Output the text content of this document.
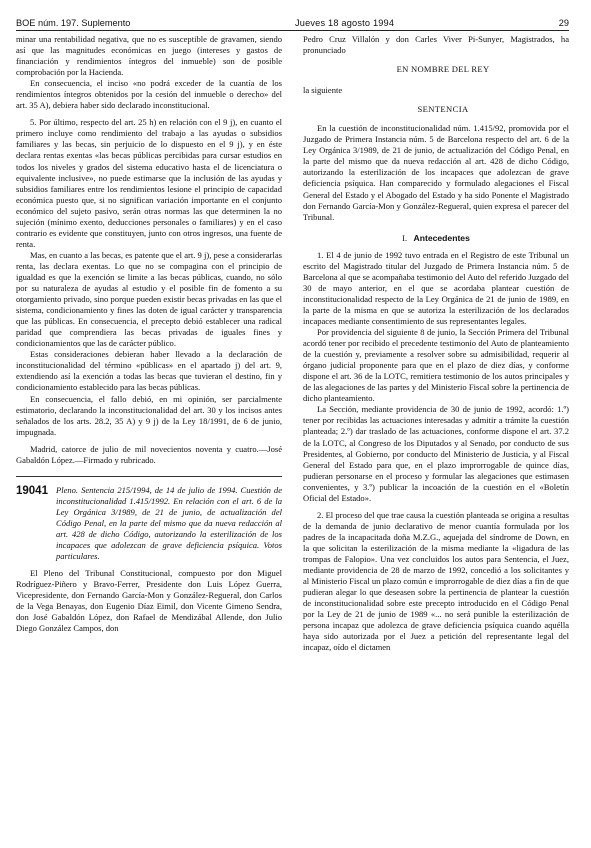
BOE núm. 197. Suplemento	Jueves 18 agosto 1994	29

minar una rentabilidad negativa, que no es susceptible de gravamen, siendo así que las magnitudes económicas en juego (intereses y gastos de financiación y rendimientos íntegros del inmueble) son de posible comprobación por la Hacienda.

En consecuencia, el inciso «no podrá exceder de la cuantía de los rendimientos íntegros obtenidos por la cesión del inmueble o derecho» del art. 35 A), debiera haber sido declarado inconstitucional.

5. Por último, respecto del art. 25 h) en relación con el 9 j), en cuanto el primero incluye como rendimiento del trabajo a las ayudas o subsidios familiares y las becas, sin perjuicio de lo dispuesto en el 9 j), y en éste declara rentas exentas «las becas públicas percibidas para cursar estudios en todos los niveles y grados del sistema educativo hasta el de licenciatura o equivalente inclusive», no puede estimarse que la inclusión de las ayudas y subsidios familiares entre los rendimientos lesione el principio de capacidad económica puesto que, si no significan variación importante en el conjunto económico del sujeto pasivo, serán otras normas las que determinen la no sujeción (mínimo exento, deducciones personales o familiares) y en el caso contrario es evidente que constituyen, junto con otros ingresos, una fuente de renta.

Mas, en cuanto a las becas, es patente que el art. 9 j), pese a considerarlas renta, las declara exentas. Lo que no se compagina con el principio de igualdad es que la exención se limite a las becas públicas, cuando, no sólo por su naturaleza de ayudas al estudio y el posible fin de fomento a su otorgamiento privado, sino porque pueden existir becas privadas en las que el sistema, condicionamiento y fines las doten de igual carácter y transparencia que las públicas. En consecuencia, el precepto debió establecer una radical paridad que comprendiera las becas privadas de iguales fines y condicionamientos que las de carácter público.

Estas consideraciones debieran haber llevado a la declaración de inconstitucionalidad del término «públicas» en el apartado j) del art. 9, extendiendo así la exención a todas las becas que tuvieran el destino, fin y condicionamiento establecido para las becas públicas.

En consecuencia, el fallo debió, en mi opinión, ser parcialmente estimatorio, declarando la inconstitucionalidad del art. 30 y los incisos antes señalados de los arts. 28.2, 35 A) y 9 j) de la Ley 18/1991, de 6 de junio, impugnada.

Madrid, catorce de julio de mil novecientos noventa y cuatro.—José Gabaldón López.—Firmado y rubricado.

19041 Pleno. Sentencia 215/1994, de 14 de julio de 1994. Cuestión de inconstitucionalidad 1.415/1992. En relación con el art. 6 de la Ley Orgánica 3/1989, de 21 de junio, de actualización del Código Penal, en la parte del mismo que da nueva redacción al art. 428 de dicho Código, autorizando la esterilización de los incapaces que adolezcan de grave deficiencia psíquica. Votos particulares.

El Pleno del Tribunal Constitucional, compuesto por don Miguel Rodríguez-Piñero y Bravo-Ferrer, Presidente don Luis López Guerra, Vicepresidente, don Fernando García-Mon y González-Regueral, don Carlos de la Vega Benayas, don Eugenio Díaz Eimil, don Vicente Gimeno Sendra, don José Gabaldón López, don Rafael de Mendizábal Allende, don Julio Diego González Campos, don

Pedro Cruz Villalón y don Carles Viver Pi-Sunyer, Magistrados, ha pronunciado

EN NOMBRE DEL REY

la siguiente

SENTENCIA

En la cuestión de inconstitucionalidad núm. 1.415/92, promovida por el Juzgado de Primera Instancia núm. 5 de Barcelona respecto del art. 6 de la Ley Orgánica 3/1989, de 21 de junio, de actualización del Código Penal, en la parte del mismo que da nueva redacción al art. 428 de dicho Código, autorizando la esterilización de los incapaces que adolezcan de grave deficiencia psíquica. Han comparecido y formulado alegaciones el Fiscal General del Estado y el Abogado del Estado y ha sido Ponente el Magistrado don Fernando García-Mon y González-Regueral, quien expresa el parecer del Tribunal.

I. Antecedentes

1. El 4 de junio de 1992 tuvo entrada en el Registro de este Tribunal un escrito del Magistrado titular del Juzgado de Primera Instancia núm. 5 de Barcelona al que se acompañaba testimonio del Auto del referido Juzgado del 30 de mayo anterior, en el que se acordaba plantear cuestión de inconstitucionalidad respecto de la Ley Orgánica de 21 de junio de 1989, en la parte de la misma en que se autoriza la esterilización de los declarados incapaces mediante consentimiento de sus representantes legales.

Por providencia del siguiente 8 de junio, la Sección Primera del Tribunal acordó tener por recibido el precedente testimonio del Auto de planteamiento de la cuestión y, previamente a resolver sobre su admisibilidad, requerir al órgano judicial proponente para que en el plazo de diez días, y conforme dispone el art. 36 de la LOTC, remitiera testimonio de los autos principales y de las alegaciones de las partes y del Ministerio Fiscal sobre la pertinencia de dicho planteamiento.

La Sección, mediante providencia de 30 de junio de 1992, acordó: 1.º) tener por recibidas las actuaciones interesadas y admitir a trámite la cuestión planteada; 2.º) dar traslado de las actuaciones, conforme dispone el art. 37.2 de la LOTC, al Congreso de los Diputados y al Senado, por conducto de sus Presidentes, al Gobierno, por conducto del Ministerio de Justicia, y al Fiscal General del Estado para que, en el plazo improrrogable de quince días, pudieran personarse en el proceso y formular las alegaciones que estimasen convenientes, y 3.º) publicar la incoación de la cuestión en el «Boletín Oficial del Estado».

2. El proceso del que trae causa la cuestión planteada se origina a resultas de la demanda de junio declarativo de menor cuantía formulada por los padres de la incapacitada doña M.Z.G., aquejada del síndrome de Down, en la que solicitan la esterilización de la misma mediante la «ligadura de las trompas de Falopio». Una vez concluidos los autos para Sentencia, el Juez, mediante providencia de 28 de marzo de 1992, concedió a los solicitantes y al Ministerio Fiscal un plazo común e improrrogable de diez días a fin de que pudieran alegar lo que deseasen sobre la pertinencia de plantear la cuestión de inconstitucionalidad sobre este precepto introducido en el Código Penal por la Ley de 21 de junio de 1989 «... no será punible la esterilización de persona incapaz que adolezca de grave deficiencia psíquica cuando aquélla haya sido autorizada por el Juez a petición del representante legal del incapaz, oído el dictamen
